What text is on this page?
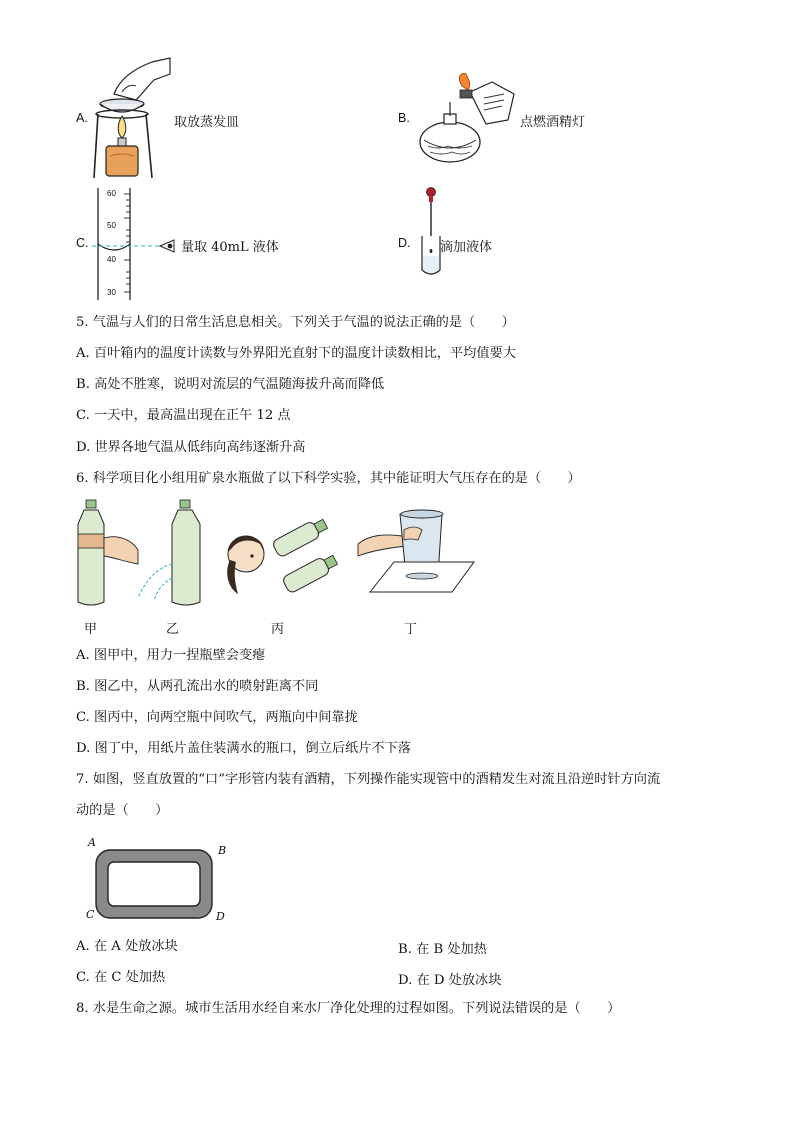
A.	取放蒸发皿	B.	点燃酒精灯
C.
60
50
40
30
量取 40mL 液体	D. 滴加液体
5. 气温与人们的日常生活息息相关。下列关于气温的说法正确的是（　　）
A. 百叶箱内的温度计读数与外界阳光直射下的温度计读数相比，平均值要大
B. 高处不胜寒，说明对流层的气温随海拔升高而降低
C. 一天中，最高温出现在正午 12 点
D. 世界各地气温从低纬向高纬逐渐升高
6. 科学项目化小组用矿泉水瓶做了以下科学实验，其中能证明大气压存在的是（　　）
甲	乙	丙	丁
A. 图甲中，用力一捏瓶壁会变瘪
B. 图乙中，从两孔流出水的喷射距离不同
C. 图丙中，向两空瓶中间吹气，两瓶向中间靠拢
D. 图丁中，用纸片盖住装满水的瓶口，倒立后纸片不下落
7. 如图，竖直放置的“口”字形管内装有酒精，下列操作能实现管中的酒精发生对流且沿逆时针方向流
动的是（　　）
A
B
C	D
A. 在 A 处放冰块	B. 在 B 处加热
C. 在 C 处加热	D. 在 D 处放冰块
8. 水是生命之源。城市生活用水经自来水厂净化处理的过程如图。下列说法错误的是（　　）
